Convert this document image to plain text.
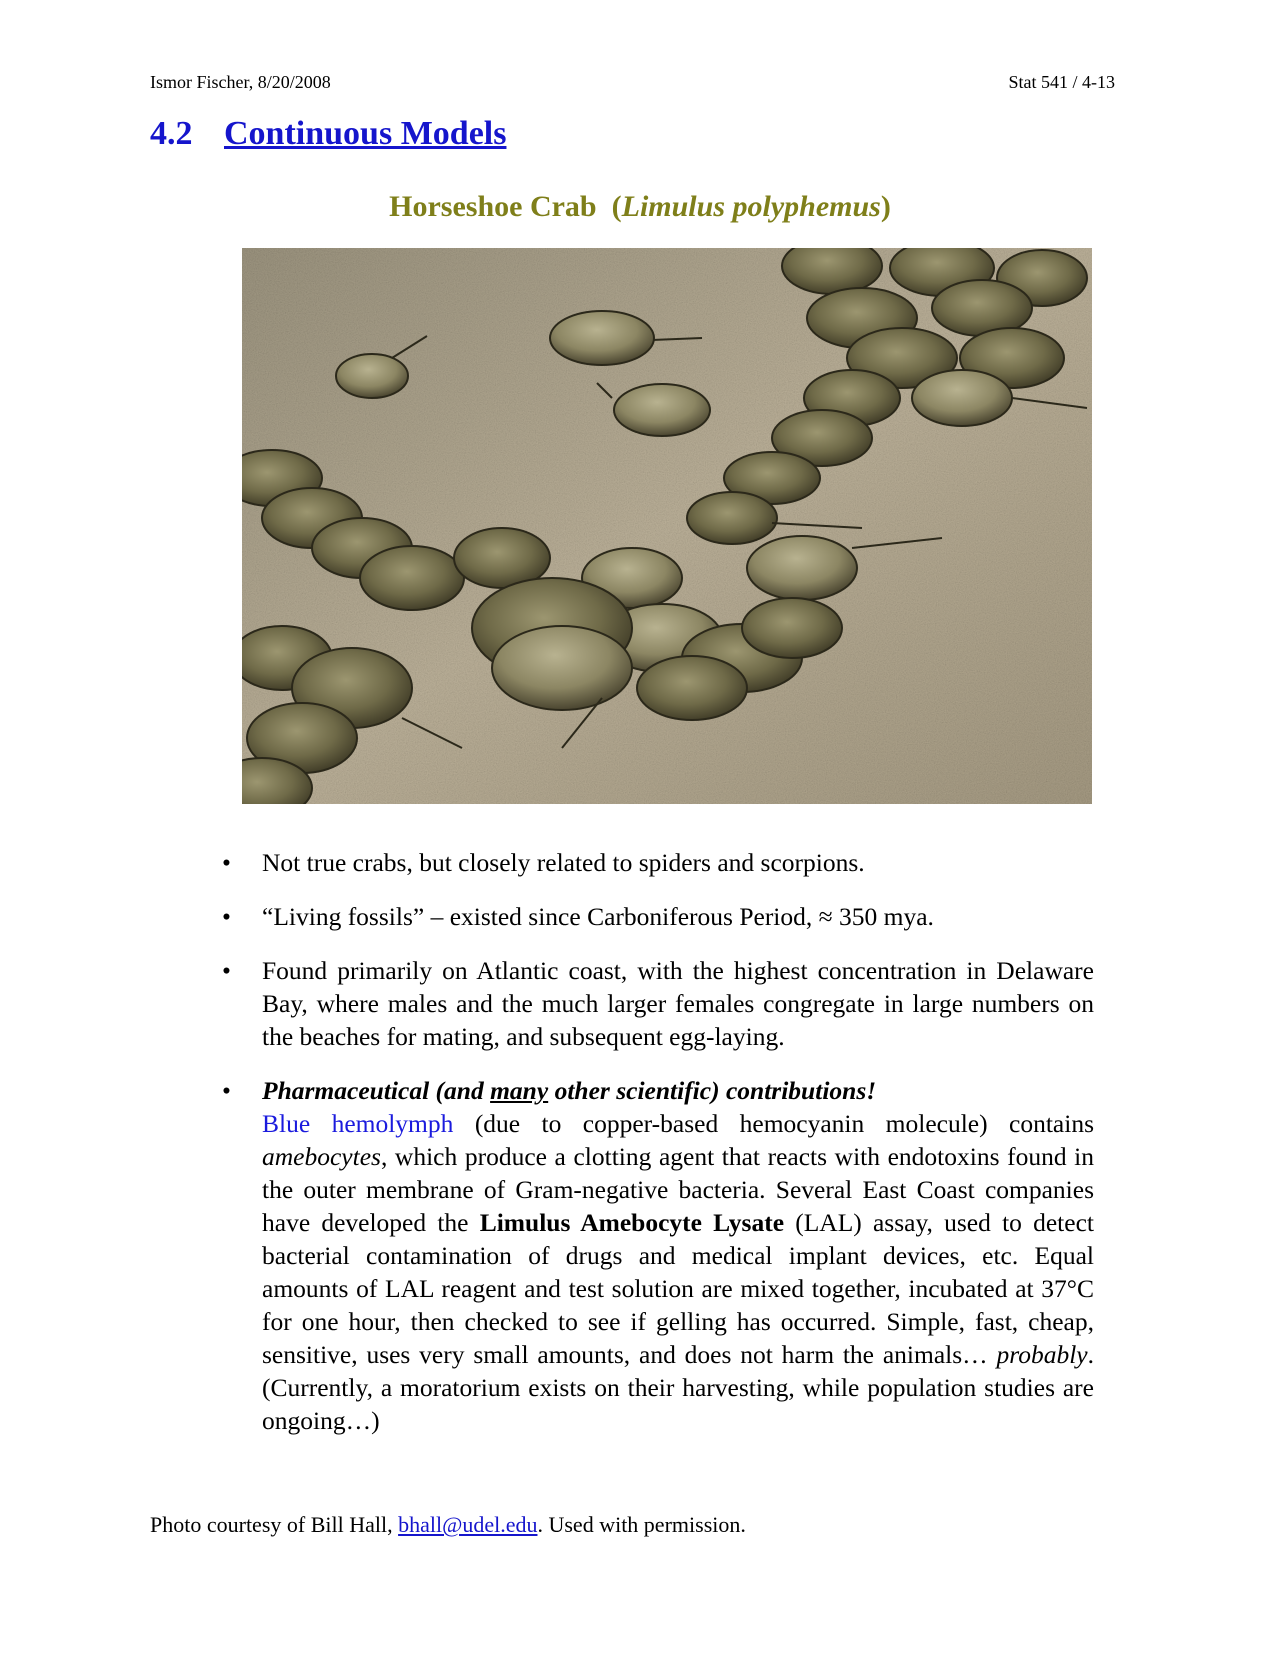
Ismor Fischer, 8/20/2008	Stat 541 / 4-13
4.2 Continuous Models
Horseshoe Crab (Limulus polyphemus)
• Not true crabs, but closely related to spiders and scorpions.
• “Living fossils” – existed since Carboniferous Period, ≈ 350 mya.
• Found primarily on Atlantic coast, with the highest concentration in Delaware Bay, where males and the much larger females congregate in large numbers on the beaches for mating, and subsequent egg-laying.
• Pharmaceutical (and many other scientific) contributions!
Blue hemolymph (due to copper-based hemocyanin molecule) contains amebocytes, which produce a clotting agent that reacts with endotoxins found in the outer membrane of Gram-negative bacteria. Several East Coast companies have developed the Limulus Amebocyte Lysate (LAL) assay, used to detect bacterial contamination of drugs and medical implant devices, etc. Equal amounts of LAL reagent and test solution are mixed together, incubated at 37°C for one hour, then checked to see if gelling has occurred. Simple, fast, cheap, sensitive, uses very small amounts, and does not harm the animals… probably. (Currently, a moratorium exists on their harvesting, while population studies are ongoing…)
Photo courtesy of Bill Hall, bhall@udel.edu. Used with permission.
